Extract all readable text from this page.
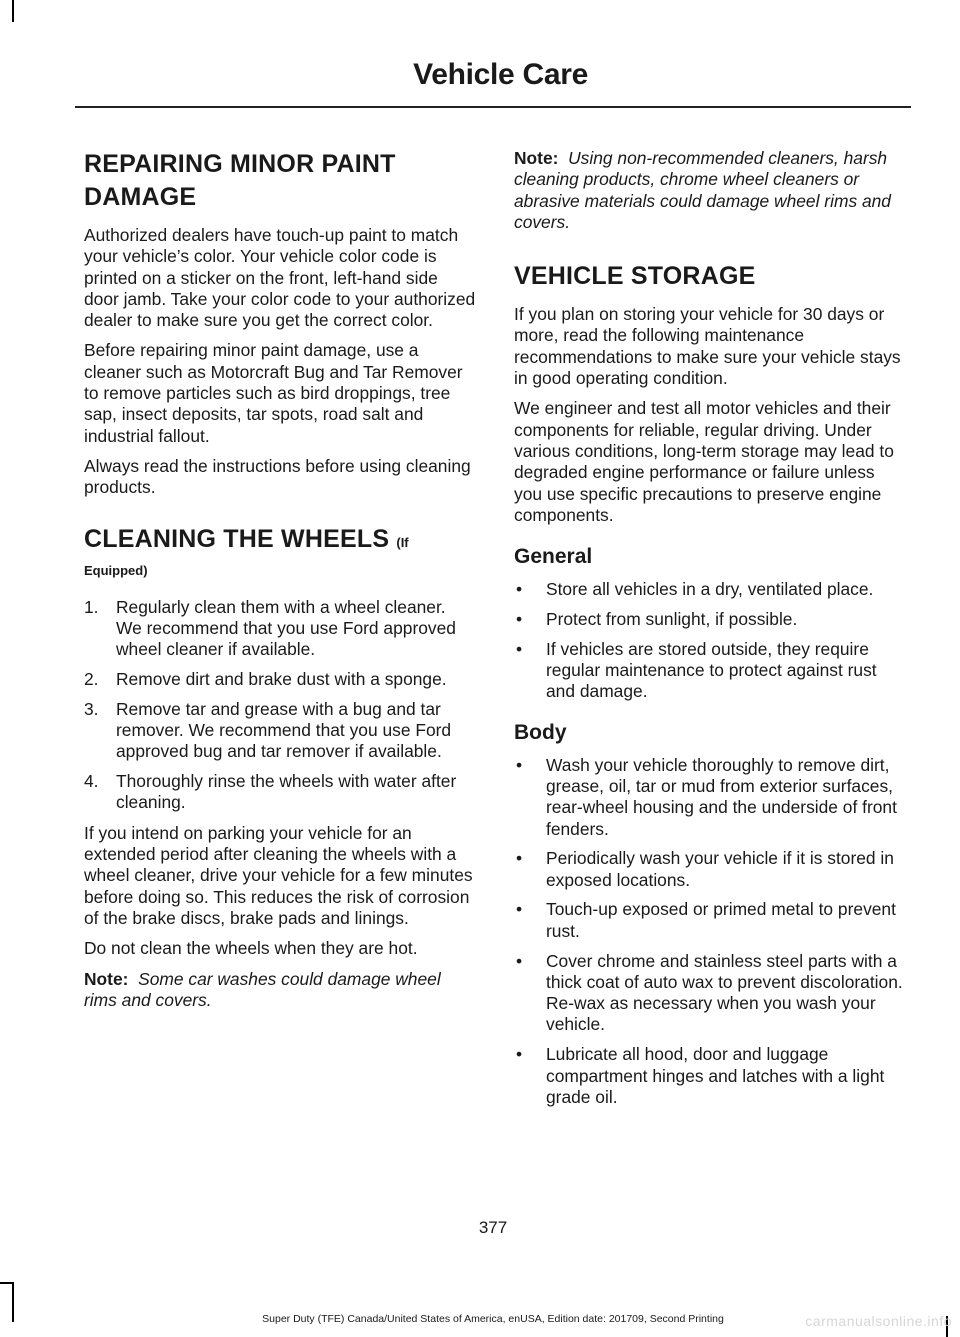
Vehicle Care
REPAIRING MINOR PAINT
DAMAGE

Authorized dealers have touch-up paint to match your vehicle’s color. Your vehicle color code is printed on a sticker on the front, left-hand side door jamb. Take your color code to your authorized dealer to make sure you get the correct color.

Before repairing minor paint damage, use a cleaner such as Motorcraft Bug and Tar Remover to remove particles such as bird droppings, tree sap, insect deposits, tar spots, road salt and industrial fallout.

Always read the instructions before using cleaning products.

CLEANING THE WHEELS (If
Equipped)
1. Regularly clean them with a wheel cleaner. We recommend that you use Ford approved wheel cleaner if available.
2. Remove dirt and brake dust with a sponge.
3. Remove tar and grease with a bug and tar remover. We recommend that you use Ford approved bug and tar remover if available.
4. Thoroughly rinse the wheels with water after cleaning.

If you intend on parking your vehicle for an extended period after cleaning the wheels with a wheel cleaner, drive your vehicle for a few minutes before doing so. This reduces the risk of corrosion of the brake discs, brake pads and linings.

Do not clean the wheels when they are hot.

Note: Some car washes could damage wheel rims and covers.

Note: Using non-recommended cleaners, harsh cleaning products, chrome wheel cleaners or abrasive materials could damage wheel rims and covers.

VEHICLE STORAGE

If you plan on storing your vehicle for 30 days or more, read the following maintenance recommendations to make sure your vehicle stays in good operating condition.

We engineer and test all motor vehicles and their components for reliable, regular driving. Under various conditions, long-term storage may lead to degraded engine performance or failure unless you use specific precautions to preserve engine components.

General
• Store all vehicles in a dry, ventilated place.
• Protect from sunlight, if possible.
• If vehicles are stored outside, they require regular maintenance to protect against rust and damage.
Body
• Wash your vehicle thoroughly to remove dirt, grease, oil, tar or mud from exterior surfaces, rear-wheel housing and the underside of front fenders.
• Periodically wash your vehicle if it is stored in exposed locations.
• Touch-up exposed or primed metal to prevent rust.
• Cover chrome and stainless steel parts with a thick coat of auto wax to prevent discoloration. Re-wax as necessary when you wash your vehicle.
• Lubricate all hood, door and luggage compartment hinges and latches with a light grade oil.
377
Super Duty (TFE) Canada/United States of America, enUSA, Edition date: 201709, Second Printing	carmanualsonline.info
